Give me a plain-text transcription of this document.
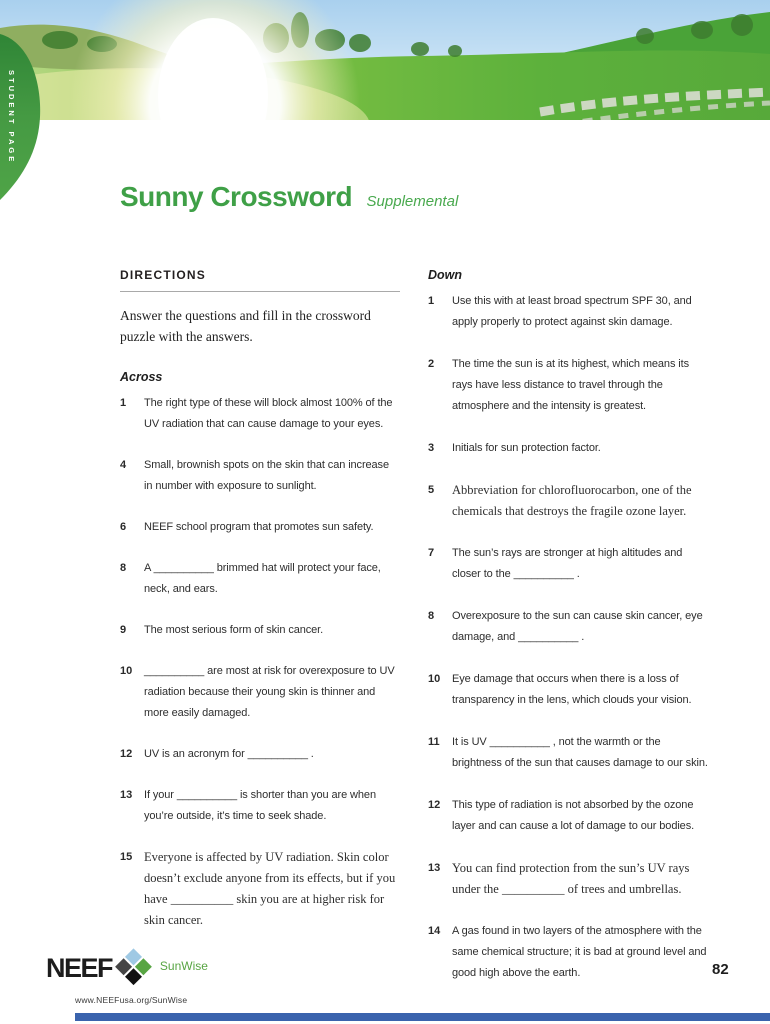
STUDENT PAGE
Sunny Crossword Supplemental
DIRECTIONS
Answer the questions and fill in the crossword puzzle with the answers.
Across
1	The right type of these will block almost 100% of the UV radiation that can cause damage to your eyes.
4	Small, brownish spots on the skin that can increase in number with exposure to sunlight.
6	NEEF school program that promotes sun safety.
8	A __________ brimmed hat will protect your face, neck, and ears.
9	The most serious form of skin cancer.
10	__________ are most at risk for overexposure to UV radiation because their young skin is thinner and more easily damaged.
12	UV is an acronym for __________ .
13	If your __________ is shorter than you are when you’re outside, it’s time to seek shade.
15 Everyone is affected by UV radiation. Skin color doesn’t exclude anyone from its effects, but if you have __________ skin you are at higher risk for skin cancer.
Down
1	Use this with at least broad spectrum SPF 30, and apply properly to protect against skin damage.
2	The time the sun is at its highest, which means its rays have less distance to travel through the atmosphere and the intensity is greatest.
3	Initials for sun protection factor.
5	Abbreviation for chlorofluorocarbon, one of the chemicals that destroys the fragile ozone layer.
7	The sun’s rays are stronger at high altitudes and closer to the __________ .
8	Overexposure to the sun can cause skin cancer, eye damage, and __________ .
10	Eye damage that occurs when there is a loss of transparency in the lens, which clouds your vision.
11	It is UV __________ , not the warmth or the brightness of the sun that causes damage to our skin.
12	This type of radiation is not absorbed by the ozone layer and can cause a lot of damage to our bodies.
13 You can find protection from the sun’s UV rays under the __________ of trees and umbrellas.
14	A gas found in two layers of the atmosphere with the same chemical structure; it is bad at ground level and good high above the earth.
NEEF	SunWise
www.NEEFusa.org/SunWise
82
